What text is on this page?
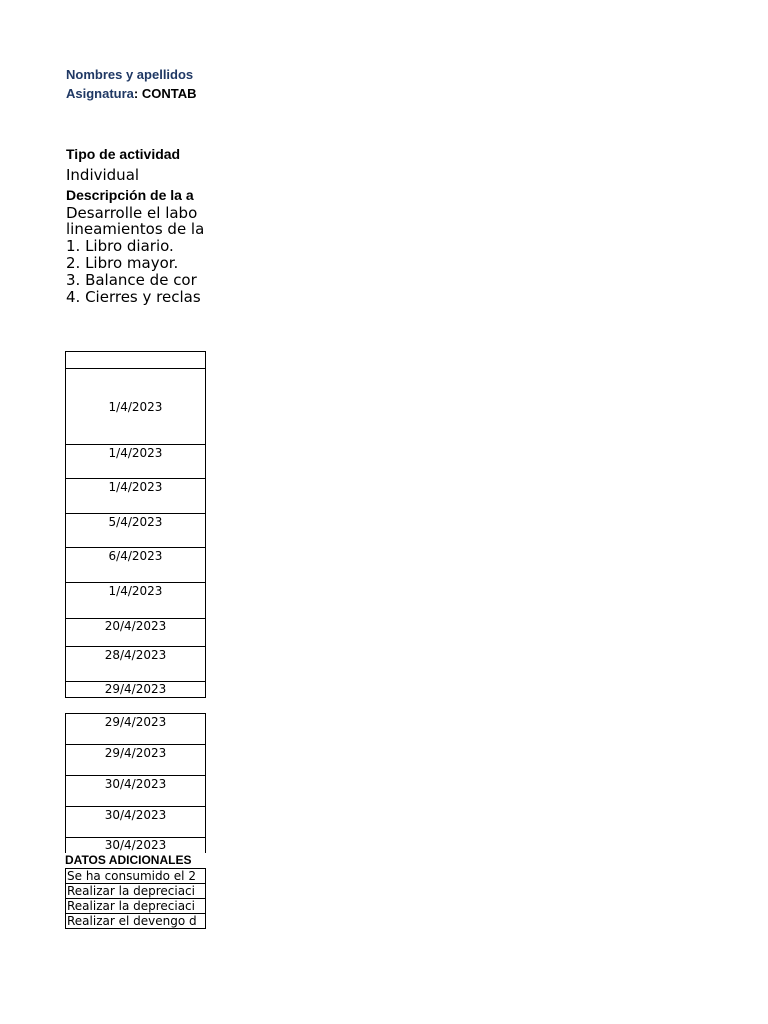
Nombres y apellidos
Asignatura: CONTAB
Tipo de actividad
Individual
Descripción de la a
Desarrolle el labo
lineamientos de la
1. Libro diario.
2. Libro mayor.
3. Balance de cor
4. Cierres y reclas
1/4/2023
1/4/2023
1/4/2023
5/4/2023
6/4/2023
1/4/2023
20/4/2023
28/4/2023
29/4/2023
29/4/2023
29/4/2023
30/4/2023
30/4/2023
30/4/2023
DATOS ADICIONALES
Se ha consumido el 2
Realizar la depreciaci
Realizar la depreciaci
Realizar el devengo d
